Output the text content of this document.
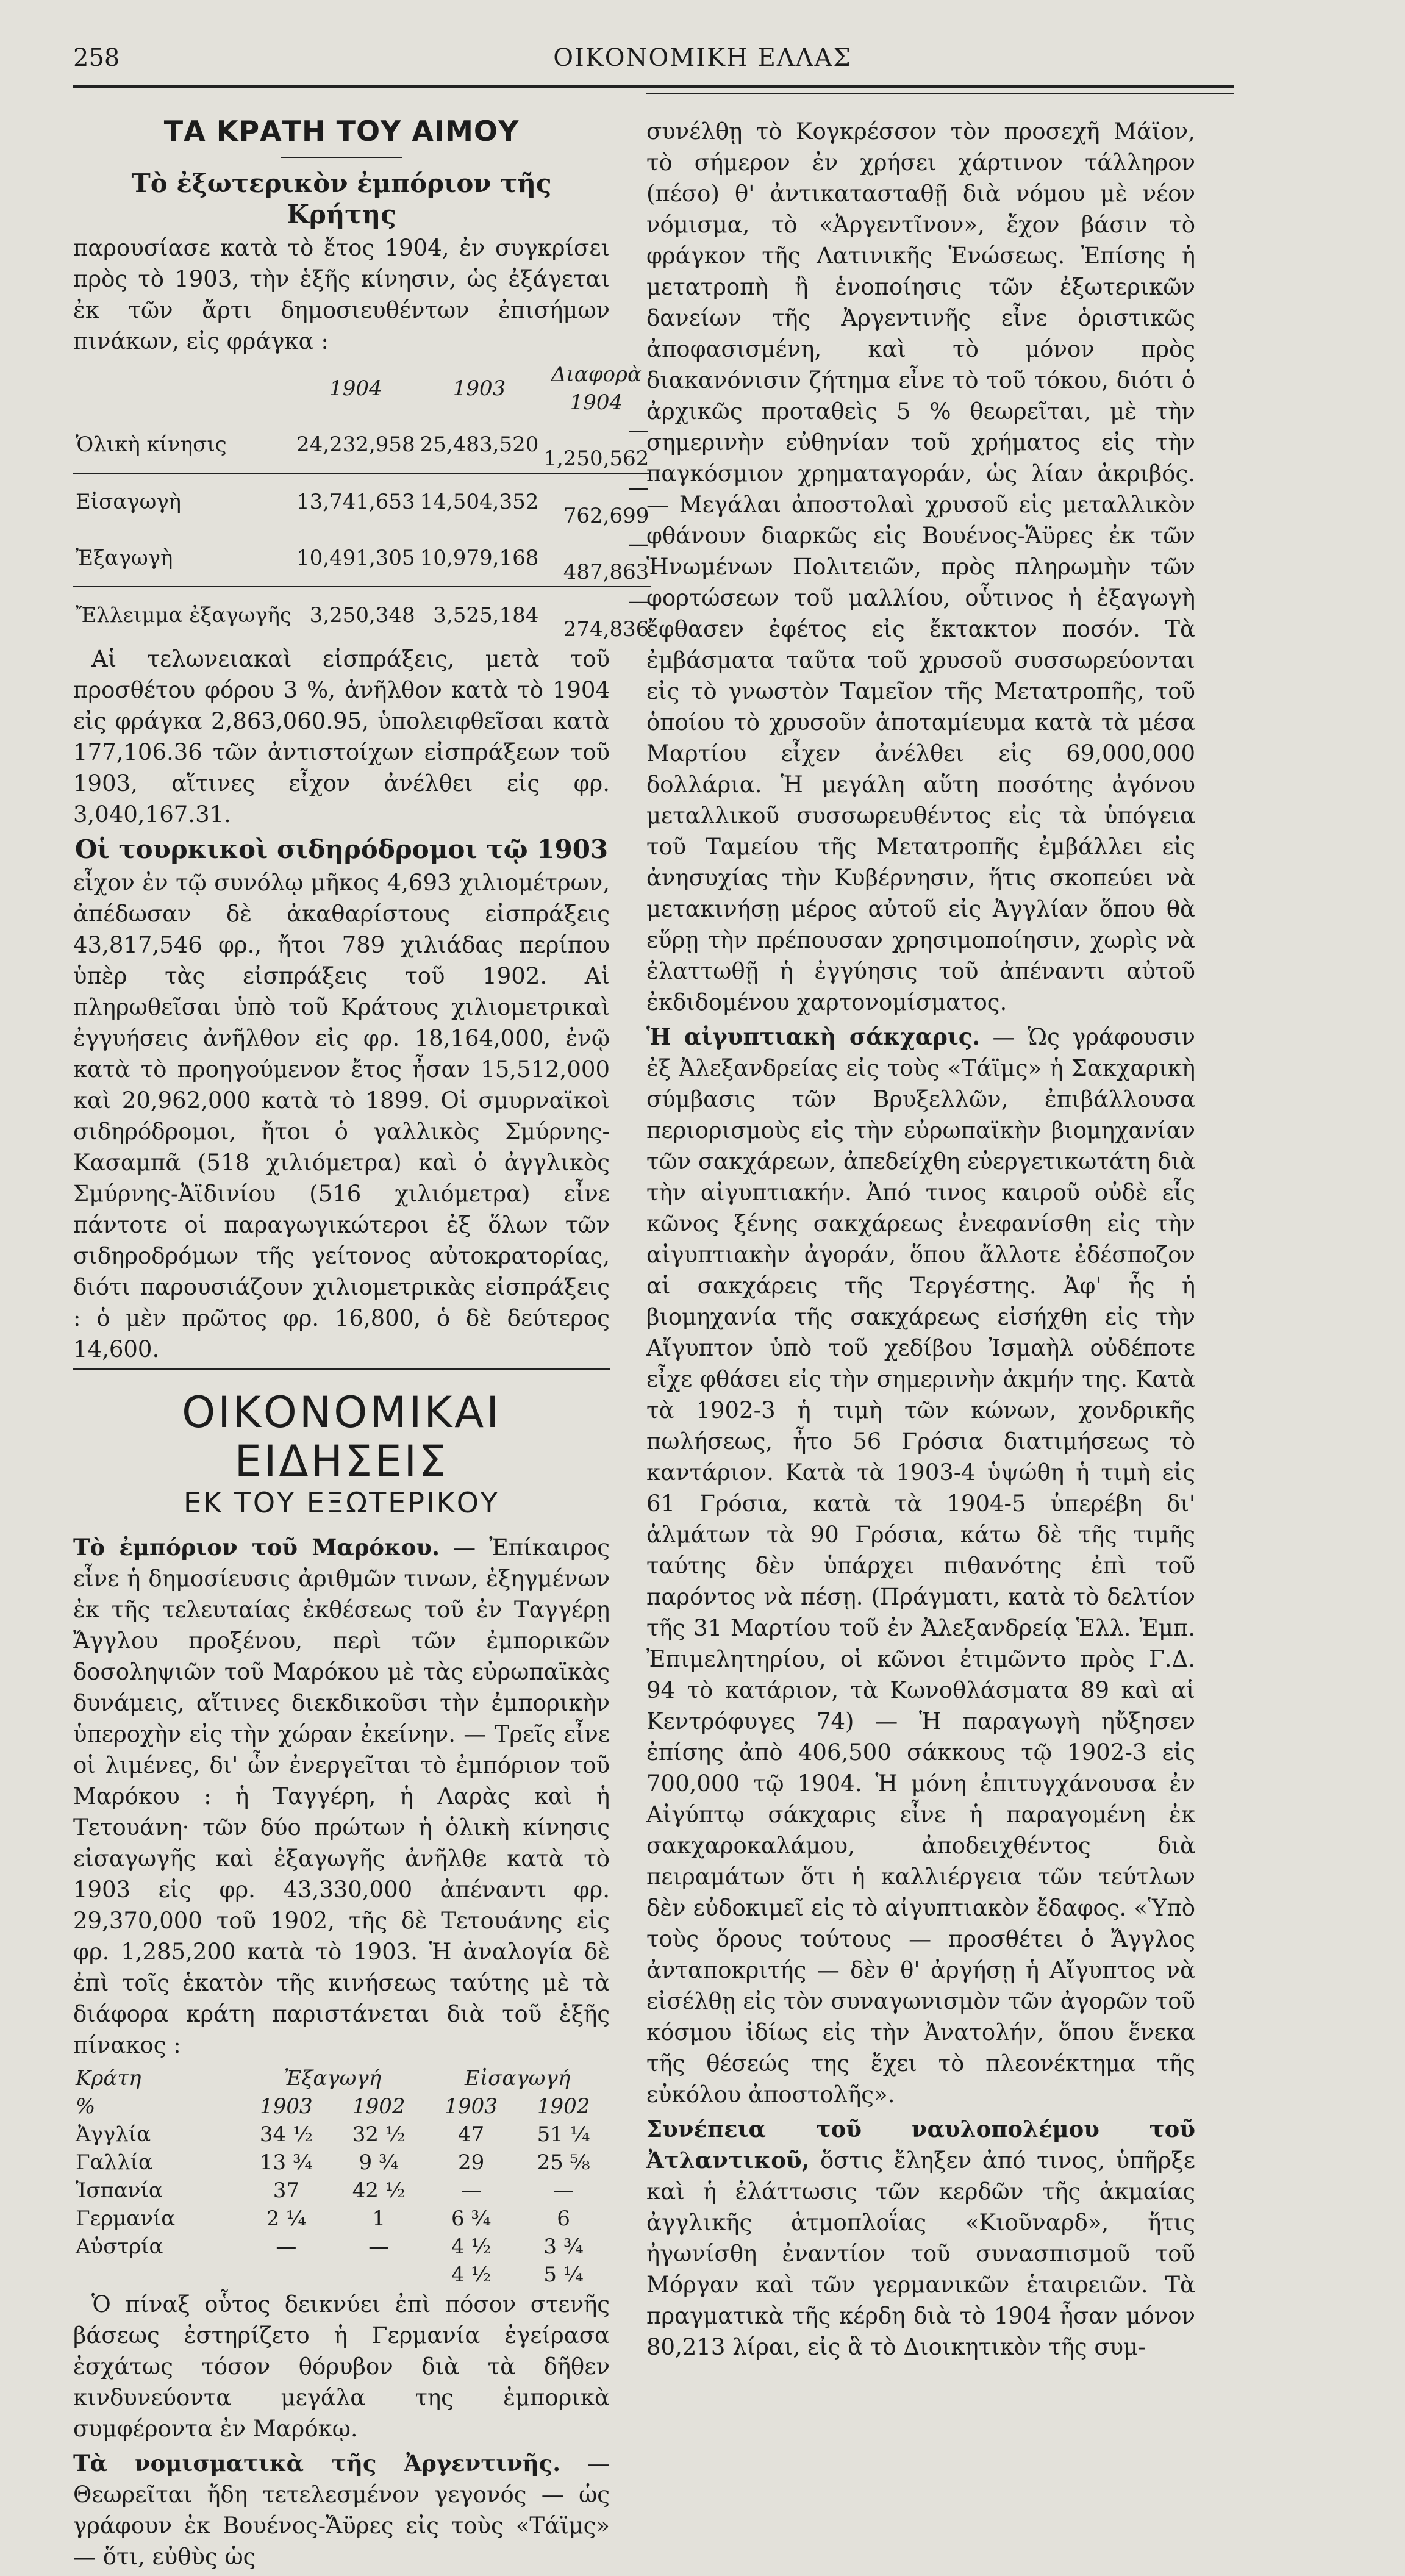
258	ΟΙΚΟΝΟΜΙΚΗ ΕΛΛΑΣ
ΤΑ ΚΡΑΤΗ ΤΟΥ ΑΙΜΟΥ
Τὸ ἐξωτερικὸν ἐμπόριον τῆς Κρήτης

παρουσίασε κατὰ τὸ ἔτος 1904, ἐν συγκρίσει πρὸς τὸ 1903, τὴν ἑξῆς κίνησιν, ὡς ἐξάγεται ἐκ τῶν ἄρτι δημοσιευθέντων ἐπισήμων πινάκων, εἰς φράγκα :

	1904	1903	Διαφορὰ 1904
Ὁλικὴ κίνησις	24,232,958	25,483,520	—1,250,562
Εἰσαγωγὴ	13,741,653	14,504,352	— 762,699
Ἐξαγωγὴ	10,491,305	10,979,168	— 487,863
Ἔλλειμμα ἐξαγωγῆς	3,250,348	3,525,184	— 274,836

Αἱ τελωνειακαὶ εἰσπράξεις, μετὰ τοῦ προσθέτου φόρου 3 %, ἀνῆλθον κατὰ τὸ 1904 εἰς φράγκα 2,863,060.95, ὑπολειφθεῖσαι κατὰ 177,106.36 τῶν ἀντιστοίχων εἰσπράξεων τοῦ 1903, αἵτινες εἶχον ἀνέλθει εἰς φρ. 3,040,167.31.

Οἱ τουρκικοὶ σιδηρόδρομοι τῷ 1903

εἶχον ἐν τῷ συνόλῳ μῆκος 4,693 χιλιομέτρων, ἀπέδωσαν δὲ ἀκαθαρίστους εἰσπράξεις 43,817,546 φρ., ἤτοι 789 χιλιάδας περίπου ὑπὲρ τὰς εἰσπράξεις τοῦ 1902. Αἱ πληρωθεῖσαι ὑπὸ τοῦ Κράτους χιλιομετρικαὶ ἐγγυήσεις ἀνῆλθον εἰς φρ. 18,164,000, ἐνῷ κατὰ τὸ προηγούμενον ἔτος ἦσαν 15,512,000 καὶ 20,962,000 κατὰ τὸ 1899. Οἱ σμυρναϊκοὶ σιδηρόδρομοι, ἤτοι ὁ γαλλικὸς Σμύρνης-Κασαμπᾶ (518 χιλιόμετρα) καὶ ὁ ἀγγλικὸς Σμύρνης-Ἀϊδινίου (516 χιλιόμετρα) εἶνε πάντοτε οἱ παραγωγικώτεροι ἐξ ὅλων τῶν σιδηροδρόμων τῆς γείτονος αὐτοκρατορίας, διότι παρουσιάζουν χιλιομετρικὰς εἰσπράξεις : ὁ μὲν πρῶτος φρ. 16,800, ὁ δὲ δεύτερος 14,600.

ΟΙΚΟΝΟΜΙΚΑΙ ΕΙΔΗΣΕΙΣ
ΕΚ ΤΟΥ ΕΞΩΤΕΡΙΚΟΥ

Τὸ ἐμπόριον τοῦ Μαρόκου. — Ἐπίκαιρος εἶνε ἡ δημοσίευσις ἀριθμῶν τινων, ἐξηγμένων ἐκ τῆς τελευταίας ἐκθέσεως τοῦ ἐν Ταγγέρῃ Ἄγγλου προξένου, περὶ τῶν ἐμπορικῶν δοσοληψιῶν τοῦ Μαρόκου μὲ τὰς εὐρωπαϊκὰς δυνάμεις, αἵτινες διεκδικοῦσι τὴν ἐμπορικὴν ὑπεροχὴν εἰς τὴν χώραν ἐκείνην. — Τρεῖς εἶνε οἱ λιμένες, δι' ὧν ἐνεργεῖται τὸ ἐμπόριον τοῦ Μαρόκου : ἡ Ταγγέρη, ἡ Λαρὰς καὶ ἡ Τετουάνη· τῶν δύο πρώτων ἡ ὁλικὴ κίνησις εἰσαγωγῆς καὶ ἐξαγωγῆς ἀνῆλθε κατὰ τὸ 1903 εἰς φρ. 43,330,000 ἀπέναντι φρ. 29,370,000 τοῦ 1902, τῆς δὲ Τετουάνης εἰς φρ. 1,285,200 κατὰ τὸ 1903. Ἡ ἀναλογία δὲ ἐπὶ τοῖς ἑκατὸν τῆς κινήσεως ταύτης μὲ τὰ διάφορα κράτη παριστάνεται διὰ τοῦ ἑξῆς πίνακος :

Κράτη	Ἐξαγωγή		Εἰσαγωγή	
%	1903	1902	1903	1902
Ἀγγλία	34 ½	32 ½	47	51 ¼
Γαλλία	13 ¾	9 ¾	29	25 ⅝
Ἱσπανία	37	42 ½	—	—
Γερμανία	2 ¼	1	6 ¾	6
Αὐστρία	—	—	4 ½	3 ¾
			4 ½	5 ¼

Ὁ πίναξ οὗτος δεικνύει ἐπὶ πόσον στενῆς βάσεως ἐστηρίζετο ἡ Γερμανία ἐγείρασα ἐσχάτως τόσον θόρυβον διὰ τὰ δῆθεν κινδυνεύοντα μεγάλα της ἐμπορικὰ συμφέροντα ἐν Μαρόκῳ.

Τὰ νομισματικὰ τῆς Ἀργεντινῆς. — Θεωρεῖται ἤδη τετελεσμένον γεγονός — ὡς γράφουν ἐκ Βουένος-Ἄϋρες εἰς τοὺς «Τάϊμς» — ὅτι, εὐθὺς ὡς

συνέλθῃ τὸ Κογκρέσσον τὸν προσεχῆ Μάϊον, τὸ σήμερον ἐν χρήσει χάρτινον τάλληρον (πέσο) θ' ἀντικατασταθῇ διὰ νόμου μὲ νέον νόμισμα, τὸ «Ἀργεντῖνον», ἔχον βάσιν τὸ φράγκον τῆς Λατινικῆς Ἑνώσεως. Ἐπίσης ἡ μετατροπὴ ἢ ἑνοποίησις τῶν ἐξωτερικῶν δανείων τῆς Ἀργεντινῆς εἶνε ὁριστικῶς ἀποφασισμένη, καὶ τὸ μόνον πρὸς διακανόνισιν ζήτημα εἶνε τὸ τοῦ τόκου, διότι ὁ ἀρχικῶς προταθεὶς 5 % θεωρεῖται, μὲ τὴν σημερινὴν εὐθηνίαν τοῦ χρήματος εἰς τὴν παγκόσμιον χρηματαγοράν, ὡς λίαν ἀκριβός. — Μεγάλαι ἀποστολαὶ χρυσοῦ εἰς μεταλλικὸν φθάνουν διαρκῶς εἰς Βουένος-Ἄϋρες ἐκ τῶν Ἡνωμένων Πολιτειῶν, πρὸς πληρωμὴν τῶν φορτώσεων τοῦ μαλλίου, οὗτινος ἡ ἐξαγωγὴ ἔφθασεν ἐφέτος εἰς ἔκτακτον ποσόν. Τὰ ἐμβάσματα ταῦτα τοῦ χρυσοῦ συσσωρεύονται εἰς τὸ γνωστὸν Ταμεῖον τῆς Μετατροπῆς, τοῦ ὁποίου τὸ χρυσοῦν ἀποταμίευμα κατὰ τὰ μέσα Μαρτίου εἶχεν ἀνέλθει εἰς 69,000,000 δολλάρια. Ἡ μεγάλη αὕτη ποσότης ἀγόνου μεταλλικοῦ συσσωρευθέντος εἰς τὰ ὑπόγεια τοῦ Ταμείου τῆς Μετατροπῆς ἐμβάλλει εἰς ἀνησυχίας τὴν Κυβέρνησιν, ἥτις σκοπεύει νὰ μετακινήσῃ μέρος αὐτοῦ εἰς Ἀγγλίαν ὅπου θὰ εὕρῃ τὴν πρέπουσαν χρησιμοποίησιν, χωρὶς νὰ ἐλαττωθῇ ἡ ἐγγύησις τοῦ ἀπέναντι αὐτοῦ ἐκδιδομένου χαρτονομίσματος.

Ἡ αἰγυπτιακὴ σάκχαρις. — Ὡς γράφουσιν ἐξ Ἀλεξανδρείας εἰς τοὺς «Τάϊμς» ἡ Σακχαρικὴ σύμβασις τῶν Βρυξελλῶν, ἐπιβάλλουσα περιορισμοὺς εἰς τὴν εὐρωπαϊκὴν βιομηχανίαν τῶν σακχάρεων, ἀπεδείχθη εὐεργετικωτάτη διὰ τὴν αἰγυπτιακήν. Ἀπό τινος καιροῦ οὐδὲ εἷς κῶνος ξένης σακχάρεως ἐνεφανίσθη εἰς τὴν αἰγυπτιακὴν ἀγοράν, ὅπου ἄλλοτε ἐδέσποζον αἱ σακχάρεις τῆς Τεργέστης. Ἀφ' ἧς ἡ βιομηχανία τῆς σακχάρεως εἰσήχθη εἰς τὴν Αἴγυπτον ὑπὸ τοῦ χεδίβου Ἰσμαὴλ οὐδέποτε εἶχε φθάσει εἰς τὴν σημερινὴν ἀκμήν της. Κατὰ τὰ 1902-3 ἡ τιμὴ τῶν κώνων, χονδρικῆς πωλήσεως, ἦτο 56 Γρόσια διατιμήσεως τὸ καντάριον. Κατὰ τὰ 1903-4 ὑψώθη ἡ τιμὴ εἰς 61 Γρόσια, κατὰ τὰ 1904-5 ὑπερέβη δι' ἁλμάτων τὰ 90 Γρόσια, κάτω δὲ τῆς τιμῆς ταύτης δὲν ὑπάρχει πιθανότης ἐπὶ τοῦ παρόντος νὰ πέσῃ. (Πράγματι, κατὰ τὸ δελτίον τῆς 31 Μαρτίου τοῦ ἐν Ἀλεξανδρείᾳ Ἑλλ. Ἐμπ. Ἐπιμελητηρίου, οἱ κῶνοι ἐτιμῶντο πρὸς Γ.Δ. 94 τὸ κατάριον, τὰ Κωνοθλάσματα 89 καὶ αἱ Κεντρόφυγες 74) — Ἡ παραγωγὴ ηὔξησεν ἐπίσης ἀπὸ 406,500 σάκκους τῷ 1902-3 εἰς 700,000 τῷ 1904. Ἡ μόνη ἐπιτυγχάνουσα ἐν Αἰγύπτῳ σάκχαρις εἶνε ἡ παραγομένη ἐκ σακχαροκαλάμου, ἀποδειχθέντος διὰ πειραμάτων ὅτι ἡ καλλιέργεια τῶν τεύτλων δὲν εὐδοκιμεῖ εἰς τὸ αἰγυπτιακὸν ἔδαφος. «Ὑπὸ τοὺς ὅρους τούτους — προσθέτει ὁ Ἄγγλος ἀνταποκριτής — δὲν θ' ἀργήσῃ ἡ Αἴγυπτος νὰ εἰσέλθῃ εἰς τὸν συναγωνισμὸν τῶν ἀγορῶν τοῦ κόσμου ἰδίως εἰς τὴν Ἀνατολήν, ὅπου ἕνεκα τῆς θέσεώς της ἔχει τὸ πλεονέκτημα τῆς εὐκόλου ἀποστολῆς».

Συνέπεια τοῦ ναυλοπολέμου τοῦ Ἀτλαντικοῦ, ὅστις ἔληξεν ἀπό τινος, ὑπῆρξε καὶ ἡ ἐλάττωσις τῶν κερδῶν τῆς ἀκμαίας ἀγγλικῆς ἀτμοπλοΐας «Κιοῦναρδ», ἥτις ἠγωνίσθη ἐναντίον τοῦ συνασπισμοῦ τοῦ Μόργαν καὶ τῶν γερμανικῶν ἑταιρειῶν. Τὰ πραγματικὰ τῆς κέρδη διὰ τὸ 1904 ἦσαν μόνον 80,213 λίραι, εἰς ἃ τὸ Διοικητικὸν τῆς συμ-
